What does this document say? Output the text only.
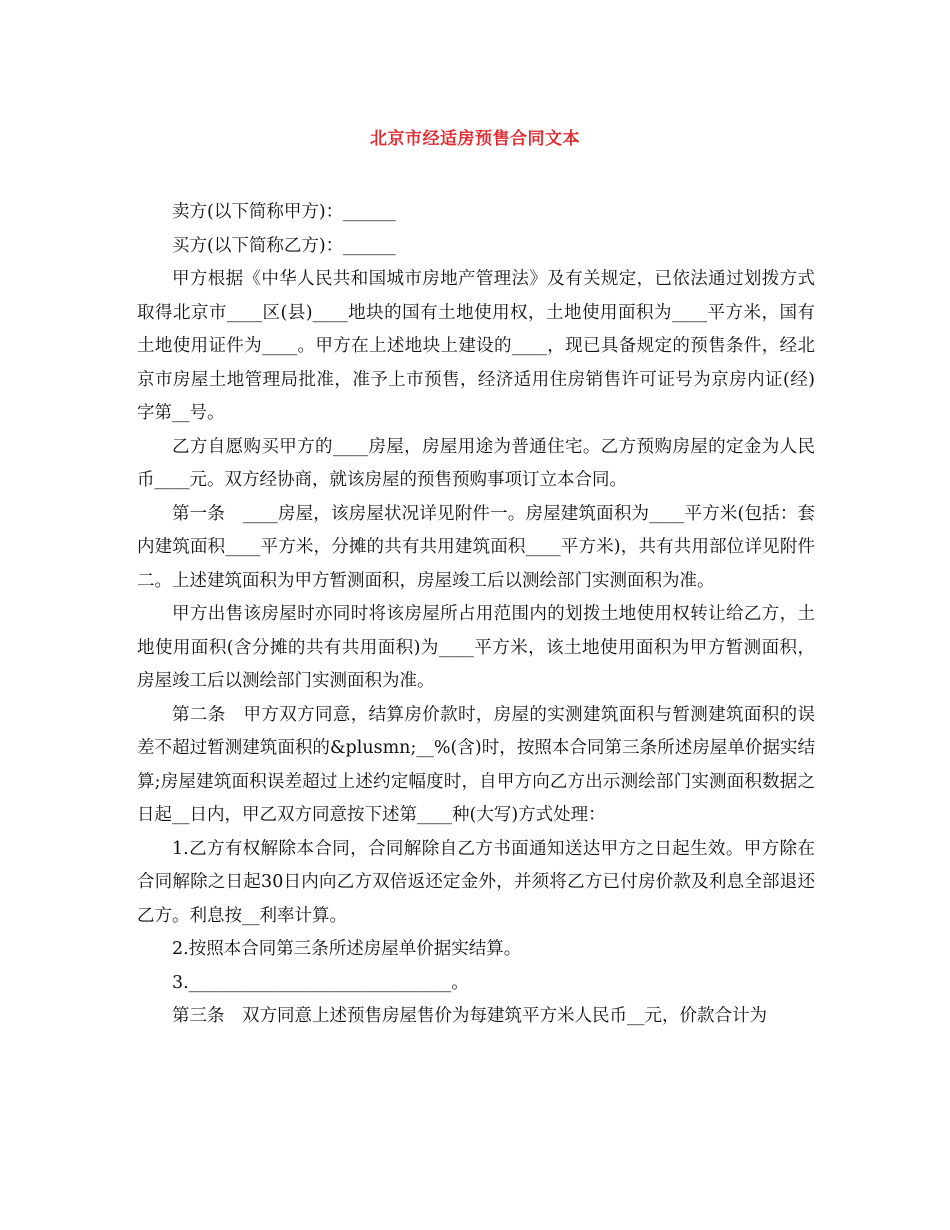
北京市经适房预售合同文本

卖方(以下简称甲方)：______

买方(以下简称乙方)：______

甲方根据《中华人民共和国城市房地产管理法》及有关规定，已依法通过划拨方式取得北京市____区(县)____地块的国有土地使用权，土地使用面积为____平方米，国有土地使用证件为____。甲方在上述地块上建设的____，现已具备规定的预售条件，经北京市房屋土地管理局批准，准予上市预售，经济适用住房销售许可证号为京房内证(经)字第__号。

乙方自愿购买甲方的____房屋，房屋用途为普通住宅。乙方预购房屋的定金为人民币____元。双方经协商，就该房屋的预售预购事项订立本合同。

第一条　____房屋，该房屋状况详见附件一。房屋建筑面积为____平方米(包括：套内建筑面积____平方米，分摊的共有共用建筑面积____平方米)，共有共用部位详见附件二。上述建筑面积为甲方暂测面积，房屋竣工后以测绘部门实测面积为准。

甲方出售该房屋时亦同时将该房屋所占用范围内的划拨土地使用权转让给乙方，土地使用面积(含分摊的共有共用面积)为____平方米，该土地使用面积为甲方暂测面积，房屋竣工后以测绘部门实测面积为准。

第二条　甲方双方同意，结算房价款时，房屋的实测建筑面积与暂测建筑面积的误差不超过暂测建筑面积的&plusmn;__%(含)时，按照本合同第三条所述房屋单价据实结算;房屋建筑面积误差超过上述约定幅度时，自甲方向乙方出示测绘部门实测面积数据之日起__日内，甲乙双方同意按下述第____种(大写)方式处理：

1.乙方有权解除本合同，合同解除自乙方书面通知送达甲方之日起生效。甲方除在合同解除之日起30日内向乙方双倍返还定金外，并须将乙方已付房价款及利息全部退还乙方。利息按__利率计算。

2.按照本合同第三条所述房屋单价据实结算。

3.______________________________。

第三条　双方同意上述预售房屋售价为每建筑平方米人民币__元，价款合计为
